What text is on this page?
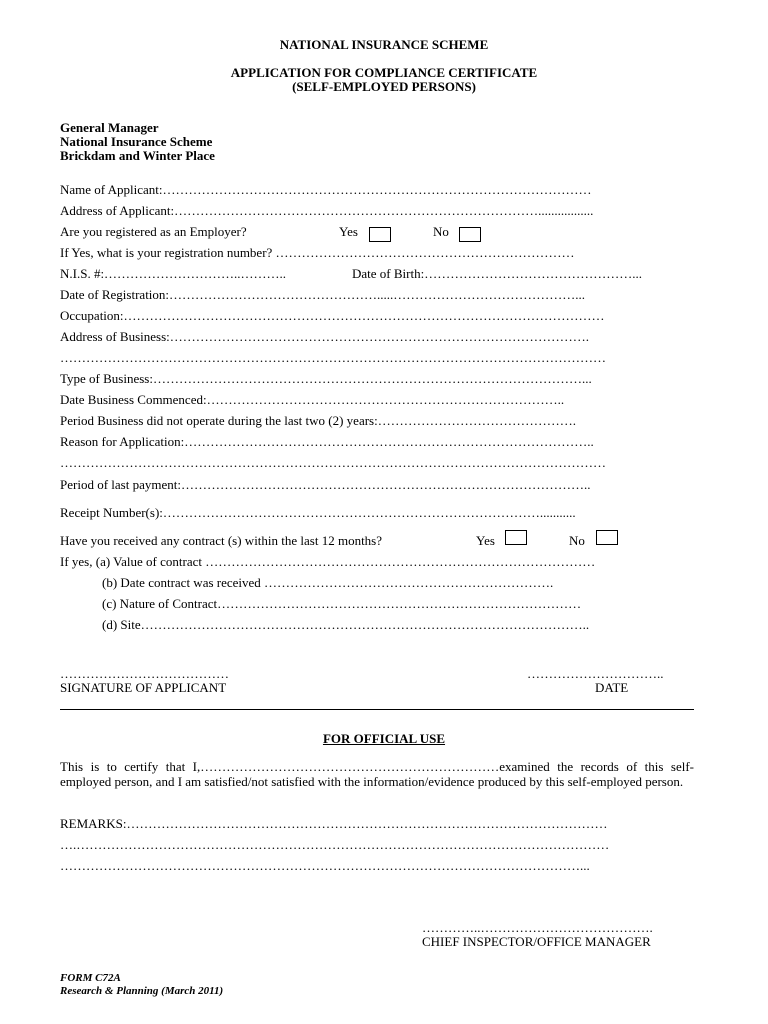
NATIONAL INSURANCE SCHEME
APPLICATION FOR COMPLIANCE CERTIFICATE
(SELF-EMPLOYED PERSONS)
General Manager
National Insurance Scheme
Brickdam and Winter Place
Name of Applicant:………………………………………………………………………………………
Address of Applicant:………………………………………………………………………….................
Are you registered as an Employer?	Yes	No
If Yes, what is your registration number? ……………………………………………………………
N.I.S. #:…………………………..………..	Date of Birth:…………………………………………...
Date of Registration:………………………………………….....……………………………………...
Occupation:…………………………………………………………………………………………………
Address of Business:…………………………………………………………………………………….
………………………………………………………………………………………………………………
Type of Business:………………………………………………………………………………………...
Date Business Commenced:………………………………………………………………………..
Period Business did not operate during the last two (2) years:……………………………………….
Reason for Application:…………………………………………………………………………………..
………………………………………………………………………………………………………………
Period of last payment:…………………………………………………………………………………..
Receipt Number(s):……………………………………………………………………………...........
Have you received any contract (s) within the last 12 months?	Yes	No
If yes, (a) Value of contract ………………………………………………………………………………
(b) Date contract was received ………………………………………………………….
(c) Nature of Contract…………………………………………………………………………
(d) Site…………………………………………………………………………………………..
…………………………………
SIGNATURE OF APPLICANT
…………………………..
DATE
FOR OFFICIAL USE
This is to certify that I,……………………………………………………………examined the records of this self-employed person, and I am satisfied/not satisfied with the information/evidence produced by this self-employed person.
REMARKS:…………………………………………………………………………………………………
….……………………………………………………………………………………………………………
…………………………………………………………………………………………………………...
…………..………………………………….
CHIEF INSPECTOR/OFFICE MANAGER
FORM C72A
Research & Planning (March 2011)
